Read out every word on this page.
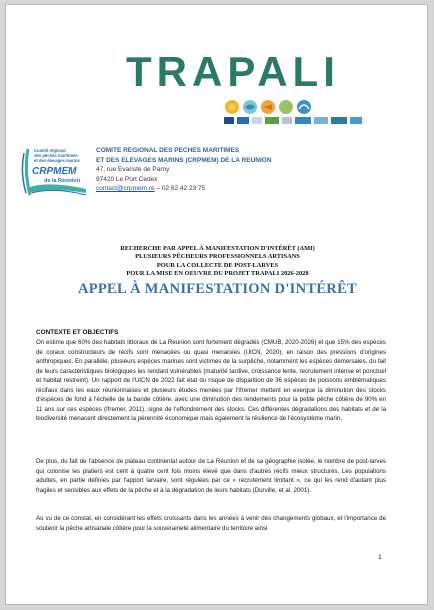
TRAPALI
Comité régional
des pêches maritimes
et des élevages marins
CRPMEM
de la Réunion
COMITE REGIONAL DES PECHES MARITIMES
ET DES ELEVAGES MARINS (CRPMEM) DE LA REUNION
47, rue Evariste de Parny
97420 Le Port Cedex
contact@crpmem.re – 02 62 42 23 75
RECHERCHE PAR APPEL À MANIFESTATION D'INTÉRÊT (AMI)
PLUSIEURS PÊCHEURS PROFESSIONNELS ARTISANS
POUR LA COLLECTE DE POST-LARVES
POUR LA MISE EN OEUVRE DU PROJET TRAPALI 2026-2028
APPEL À MANIFESTATION D'INTÉRÊT
CONTEXTE ET OBJECTIFS
On estime que 60% des habitats littoraux de La Réunion sont fortement dégradés (CMUB, 2020-2026) et que 15% des espèces de coraux constructeurs de récifs sont menacées ou quasi menacées (UICN, 2020), en raison des pressions d'origines anthropiques. En parallèle, plusieurs espèces marines sont victimes de la surpêche, notamment les espèces démersales, du fait de leurs caractéristiques biologiques les rendant vulnérables (maturité tardive, croissance lente, recrutement intense et ponctuel et habitat restreint). Un rapport de l'UICN de 2022 fait état du risque de disparition de 36 espèces de poissons emblématiques récifaux dans les eaux réunionnaises et plusieurs études menées par l'Ifremer mettent en exergue la diminution des stocks d'espèces de fond à l'échelle de la bande côtière, avec une diminution des rendements pour la petite pêche côtière de 90% en 11 ans sur ces espèces (Ifremer, 2011), signe de l'effondrement des stocks. Ces différentes dégradations des habitats et de la biodiversité menacent directement la pérennité économique mais également la résilience de l'écosystème marin.
De plus, du fait de l'absence de plateau continental autour de La Réunion et de sa géographie isolée, le nombre de post-larves qui colonise les platiers est cent à quatre cent fois moins élevé que dans d'autres récifs mieux structurés. Les populations adultes, en partie définies par l'apport larvaire, sont régulées par ce « recrutement limitant », ce qui les rend d'autant plus fragiles et sensibles aux effets de la pêche et à la dégradation de leurs habitats (Durville, et al. 2001).
Au vu de ce constat, en considérant les effets croissants dans les années à venir des changements globaux, et l'importance de soutenir la pêche artisanale côtière pour la souveraineté alimentaire du territoire ainsi
1
